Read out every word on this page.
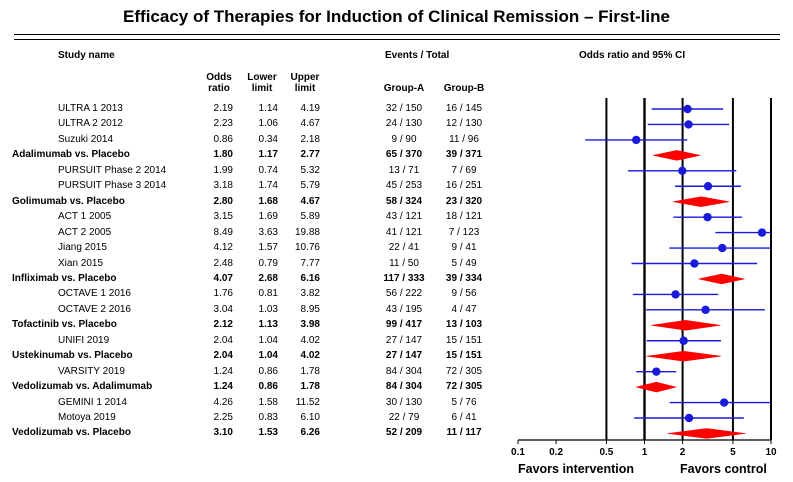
Efficacy of Therapies for Induction of Clinical Remission – First-line
Study name	Events / Total	Odds ratio and 95% CI
Odds
ratio
Lower
limit
Upper
limit	Group-A	Group-B
ULTRA 1 2013	2.19	1.14	4.19	32 / 150	16 / 145
ULTRA 2 2012	2.23	1.06	4.67	24 / 130	12 / 130
Suzuki 2014	0.86	0.34	2.18	9 / 90	11 / 96
Adalimumab vs. Placebo	1.80	1.17	2.77	65 / 370	39 / 371
PURSUIT Phase 2 2014	1.99	0.74	5.32	13 / 71	7 / 69
PURSUIT Phase 3 2014	3.18	1.74	5.79	45 / 253	16 / 251
Golimumab vs. Placebo	2.80	1.68	4.67	58 / 324	23 / 320
ACT 1 2005	3.15	1.69	5.89	43 / 121	18 / 121
ACT 2 2005	8.49	3.63	19.88	41 / 121	7 / 123
Jiang 2015	4.12	1.57	10.76	22 / 41	9 / 41
Xian 2015	2.48	0.79	7.77	11 / 50	5 / 49
Infliximab vs. Placebo	4.07	2.68	6.16	117 / 333	39 / 334
OCTAVE 1 2016	1.76	0.81	3.82	56 / 222	9 / 56
OCTAVE 2 2016	3.04	1.03	8.95	43 / 195	4 / 47
Tofactinib vs. Placebo	2.12	1.13	3.98	99 / 417	13 / 103
UNIFI 2019	2.04	1.04	4.02	27 / 147	15 / 151
Ustekinumab vs. Placebo	2.04	1.04	4.02	27 / 147	15 / 151
VARSITY 2019	1.24	0.86	1.78	84 / 304	72 / 305
Vedolizumab vs. Adalimumab	1.24	0.86	1.78	84 / 304	72 / 305
GEMINI 1 2014	4.26	1.58	11.52	30 / 130	5 / 76
Motoya 2019	2.25	0.83	6.10	22 / 79	6 / 41
Vedolizumab vs. Placebo	3.10	1.53	6.26	52 / 209	11 / 117
0.1 0.2	0.5	1	2	5	10
Favors intervention	Favors control
